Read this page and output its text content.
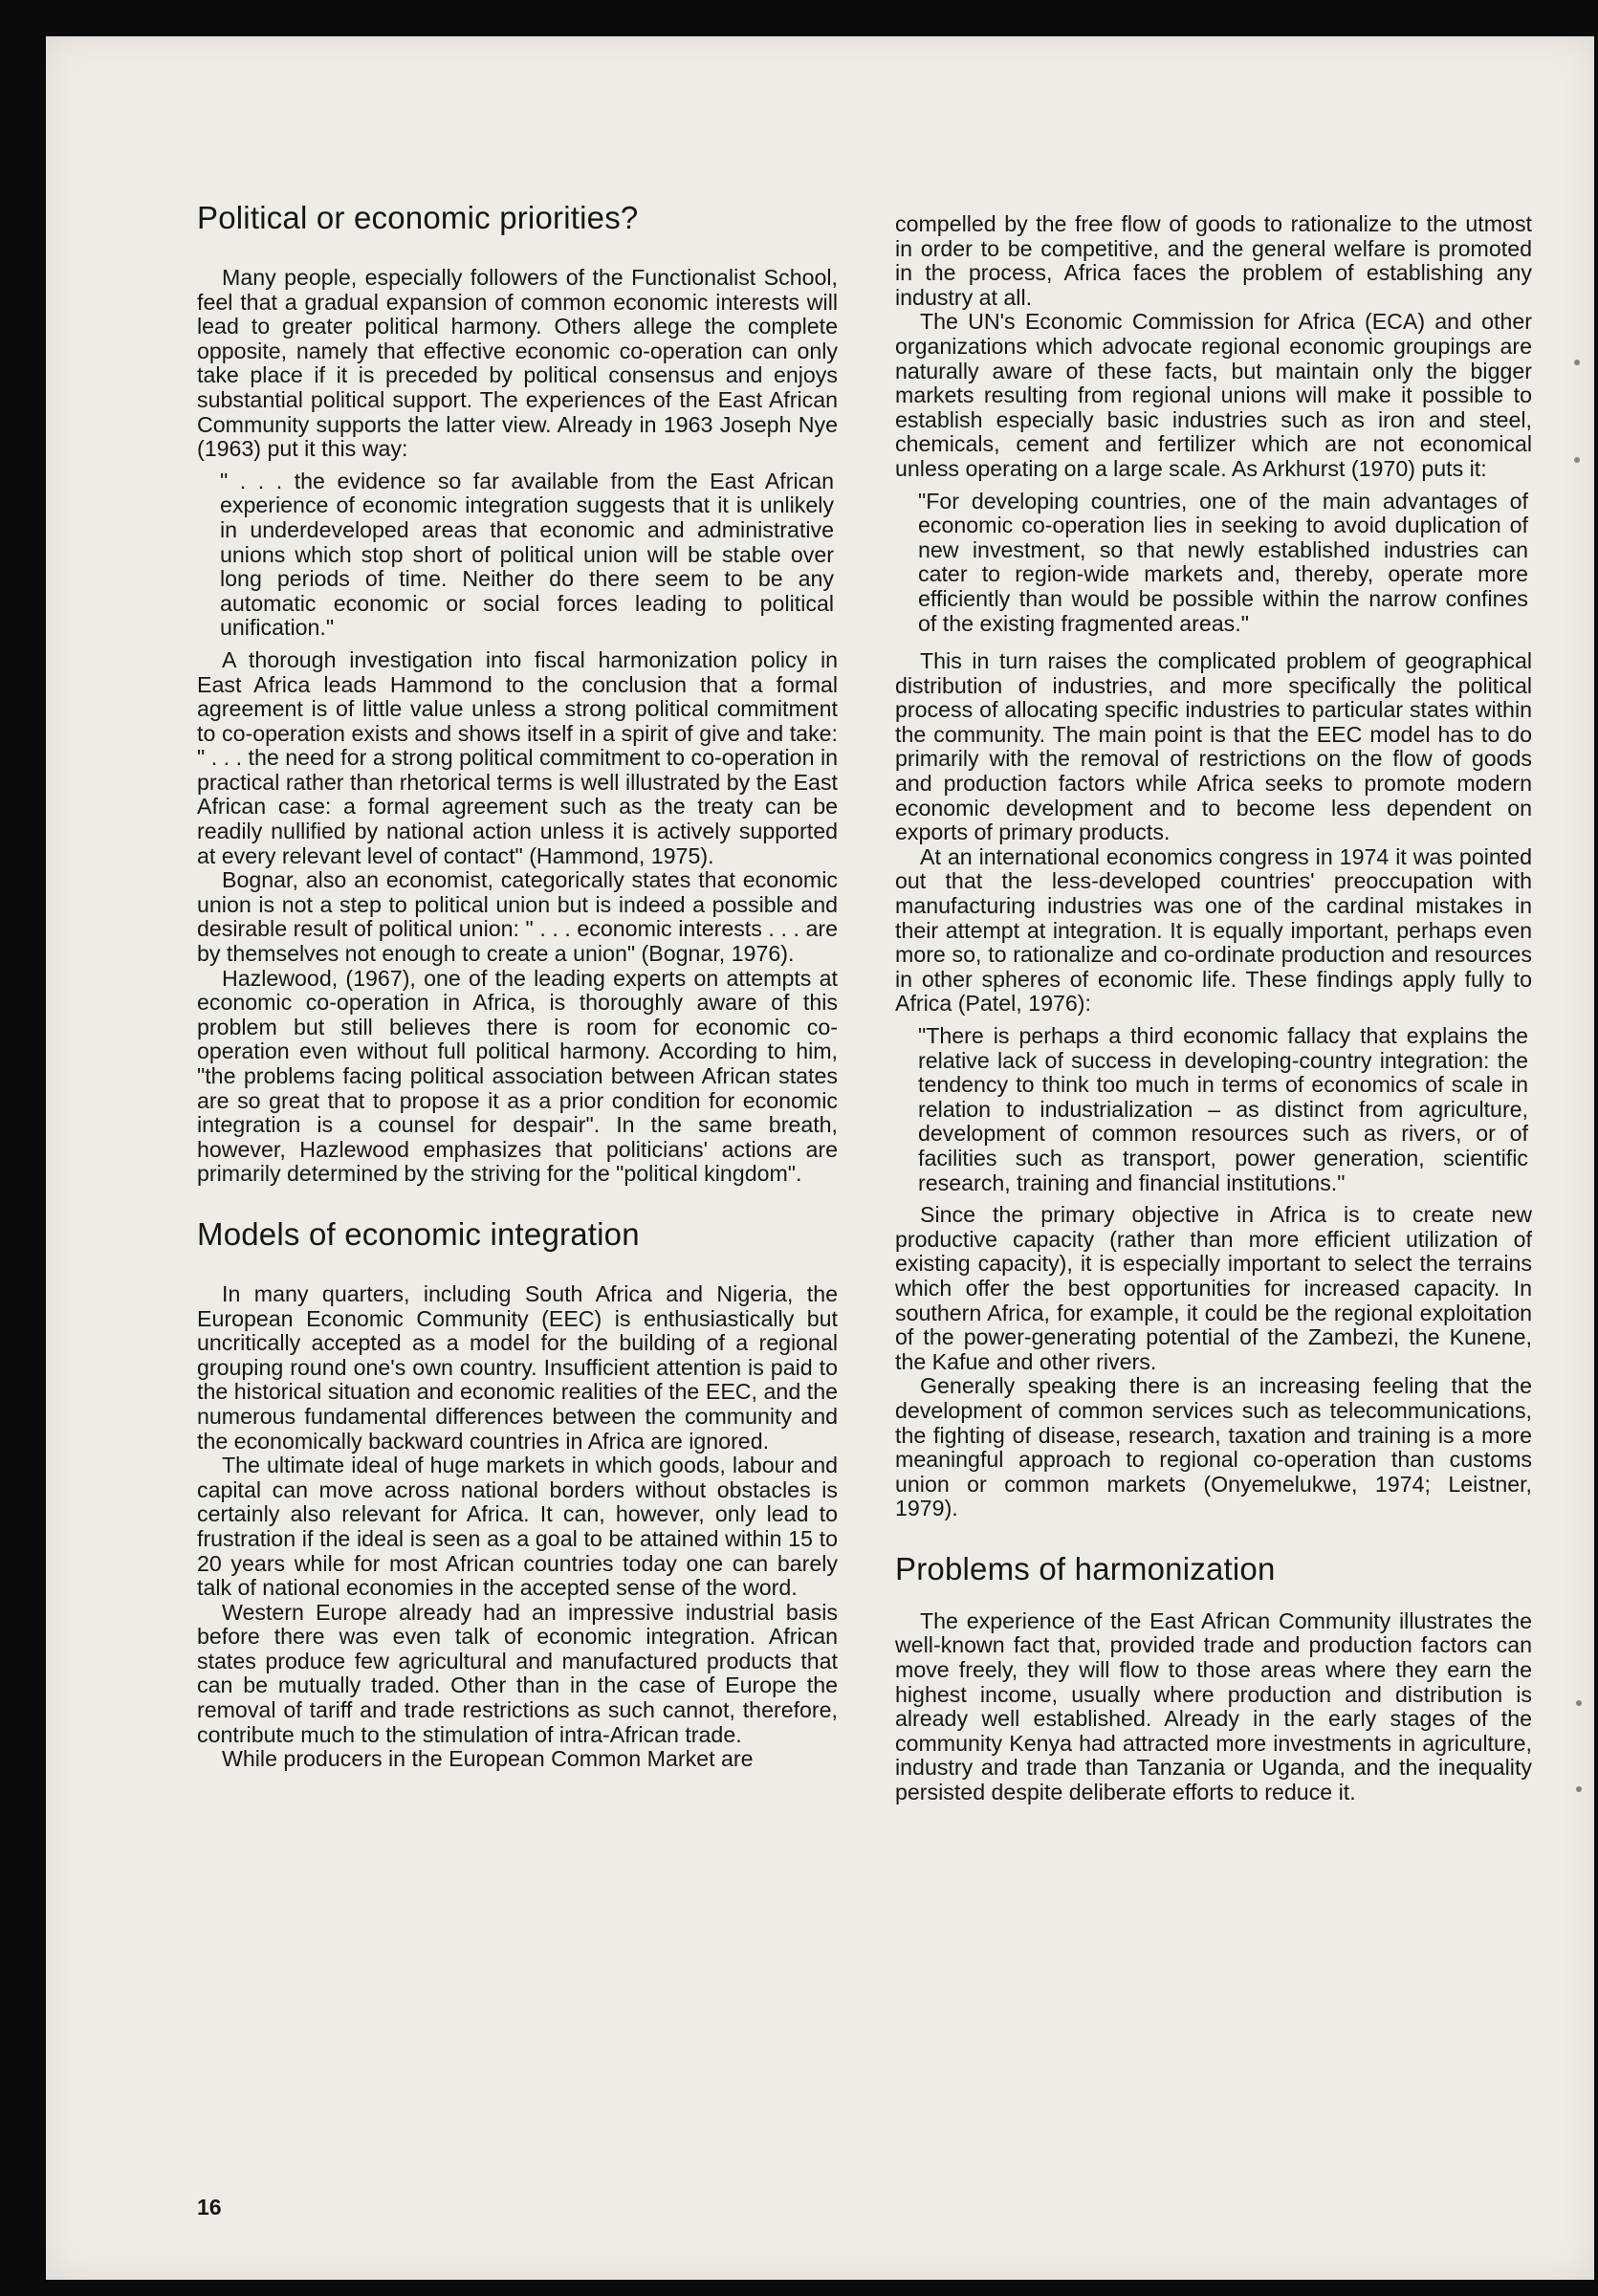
Political or economic priorities?

Many people, especially followers of the Functionalist School, feel that a gradual expansion of common economic interests will lead to greater political harmony. Others allege the complete opposite, namely that effective economic co-operation can only take place if it is preceded by political consensus and enjoys substantial political support. The experiences of the East African Community supports the latter view. Already in 1963 Joseph Nye (1963) put it this way:

" . . . the evidence so far available from the East African experience of economic integration suggests that it is unlikely in underdeveloped areas that economic and administrative unions which stop short of political union will be stable over long periods of time. Neither do there seem to be any automatic economic or social forces leading to political unification."

A thorough investigation into fiscal harmonization policy in East Africa leads Hammond to the conclusion that a formal agreement is of little value unless a strong political commitment to co-operation exists and shows itself in a spirit of give and take: " . . . the need for a strong political commitment to co-operation in practical rather than rhetorical terms is well illustrated by the East African case: a formal agreement such as the treaty can be readily nullified by national action unless it is actively supported at every relevant level of contact" (Hammond, 1975).

Bognar, also an economist, categorically states that economic union is not a step to political union but is indeed a possible and desirable result of political union: " . . . economic interests . . . are by themselves not enough to create a union" (Bognar, 1976).

Hazlewood, (1967), one of the leading experts on attempts at economic co-operation in Africa, is thoroughly aware of this problem but still believes there is room for economic co-operation even without full political harmony. According to him, "the problems facing political association between African states are so great that to propose it as a prior condition for economic integration is a counsel for despair". In the same breath, however, Hazlewood emphasizes that politicians' actions are primarily determined by the striving for the "political kingdom".

Models of economic integration

In many quarters, including South Africa and Nigeria, the European Economic Community (EEC) is enthusiastically but uncritically accepted as a model for the building of a regional grouping round one's own country. Insufficient attention is paid to the historical situation and economic realities of the EEC, and the numerous fundamental differences between the community and the economically backward countries in Africa are ignored.

The ultimate ideal of huge markets in which goods, labour and capital can move across national borders without obstacles is certainly also relevant for Africa. It can, however, only lead to frustration if the ideal is seen as a goal to be attained within 15 to 20 years while for most African countries today one can barely talk of national economies in the accepted sense of the word.

Western Europe already had an impressive industrial basis before there was even talk of economic integration. African states produce few agricultural and manufactured products that can be mutually traded. Other than in the case of Europe the removal of tariff and trade restrictions as such cannot, therefore, contribute much to the stimulation of intra-African trade.

While producers in the European Common Market are

compelled by the free flow of goods to rationalize to the utmost in order to be competitive, and the general welfare is promoted in the process, Africa faces the problem of establishing any industry at all.

The UN's Economic Commission for Africa (ECA) and other organizations which advocate regional economic groupings are naturally aware of these facts, but maintain only the bigger markets resulting from regional unions will make it possible to establish especially basic industries such as iron and steel, chemicals, cement and fertilizer which are not economical unless operating on a large scale. As Arkhurst (1970) puts it:

"For developing countries, one of the main advantages of economic co-operation lies in seeking to avoid duplication of new investment, so that newly established industries can cater to region-wide markets and, thereby, operate more efficiently than would be possible within the narrow confines of the existing fragmented areas."

This in turn raises the complicated problem of geographical distribution of industries, and more specifically the political process of allocating specific industries to particular states within the community. The main point is that the EEC model has to do primarily with the removal of restrictions on the flow of goods and production factors while Africa seeks to promote modern economic development and to become less dependent on exports of primary products.

At an international economics congress in 1974 it was pointed out that the less-developed countries' preoccupation with manufacturing industries was one of the cardinal mistakes in their attempt at integration. It is equally important, perhaps even more so, to rationalize and co-ordinate production and resources in other spheres of economic life. These findings apply fully to Africa (Patel, 1976):

"There is perhaps a third economic fallacy that explains the relative lack of success in developing-country integration: the tendency to think too much in terms of economics of scale in relation to industrialization – as distinct from agriculture, development of common resources such as rivers, or of facilities such as transport, power generation, scientific research, training and financial institutions."

Since the primary objective in Africa is to create new productive capacity (rather than more efficient utilization of existing capacity), it is especially important to select the terrains which offer the best opportunities for increased capacity. In southern Africa, for example, it could be the regional exploitation of the power-generating potential of the Zambezi, the Kunene, the Kafue and other rivers.

Generally speaking there is an increasing feeling that the development of common services such as telecommunications, the fighting of disease, research, taxation and training is a more meaningful approach to regional co-operation than customs union or common markets (Onyemelukwe, 1974; Leistner, 1979).

Problems of harmonization

The experience of the East African Community illustrates the well-known fact that, provided trade and production factors can move freely, they will flow to those areas where they earn the highest income, usually where production and distribution is already well established. Already in the early stages of the community Kenya had attracted more investments in agriculture, industry and trade than Tanzania or Uganda, and the inequality persisted despite deliberate efforts to reduce it.

16
